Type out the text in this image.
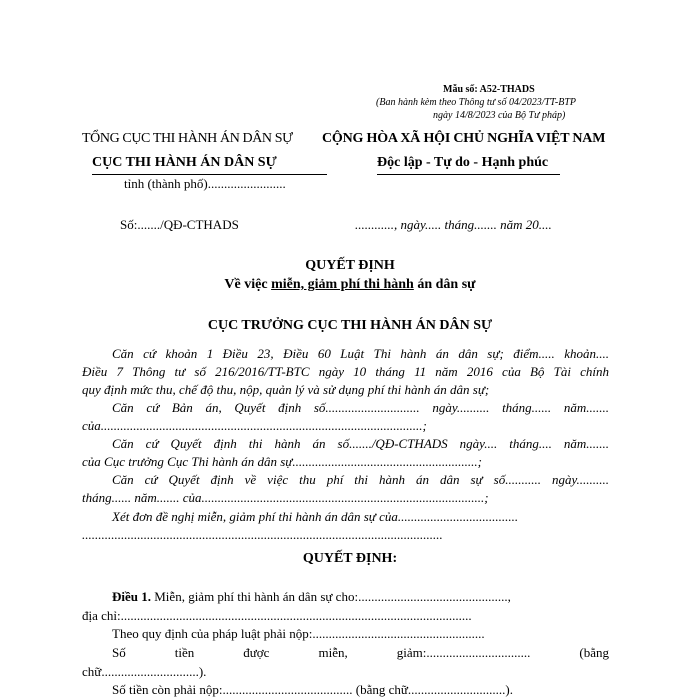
Mẫu số: A52-THADS
(Ban hành kèm theo Thông tư số 04/2023/TT-BTP
ngày 14/8/2023 của Bộ Tư pháp)
TỔNG CỤC THI HÀNH ÁN DÂN SỰ
CỤC THI HÀNH ÁN DÂN SỰ
tỉnh (thành phố)........................
CỘNG HÒA XÃ HỘI CHỦ NGHĨA VIỆT NAM
Độc lập - Tự do - Hạnh phúc
Số:......./QĐ-CTHADS	............, ngày..... tháng....... năm 20....
QUYẾT ĐỊNH
Về việc miễn, giảm phí thi hành án dân sự
CỤC TRƯỞNG CỤC THI HÀNH ÁN DÂN SỰ
Căn cứ khoản 1 Điều 23, Điều 60 Luật Thi hành án dân sự; điểm..... khoản....
Điều 7 Thông tư số 216/2016/TT-BTC ngày 10 tháng 11 năm 2016 của Bộ Tài chính
quy định mức thu, chế độ thu, nộp, quản lý và sử dụng phí thi hành án dân sự;
Căn cứ Bản án, Quyết định số............................. ngày.......... tháng...... năm.......
của...................................................................................................;
Căn cứ Quyết định thi hành án số......./QĐ-CTHADS ngày.... tháng.... năm.......
của Cục trưởng Cục Thi hành án dân sự.........................................................;
Căn cứ Quyết định về việc thu phí thi hành án dân sự số........... ngày..........
tháng...... năm....... của.......................................................................................;
Xét đơn đề nghị miễn, giảm phí thi hành án dân sự của.....................................
...............................................................................................................
QUYẾT ĐỊNH:
Điều 1. Miễn, giảm phí thi hành án dân sự cho:..............................................,
địa chỉ:............................................................................................................
Theo quy định của pháp luật phải nộp:.....................................................
Số	tiền	được	miễn,	giảm:................................	(bằng
chữ..............................).
Số tiền còn phải nộp:........................................ (bằng chữ..............................).
